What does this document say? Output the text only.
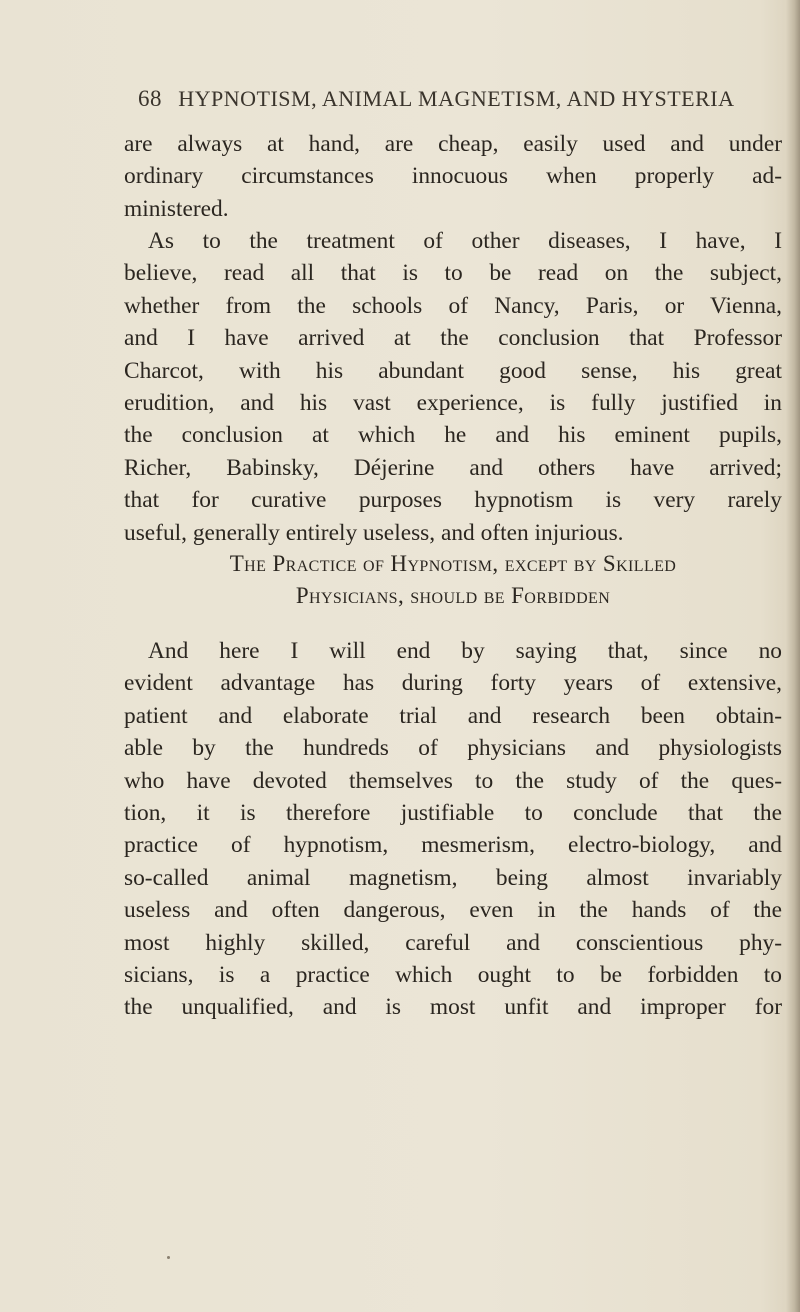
68 HYPNOTISM, ANIMAL MAGNETISM, AND HYSTERIA
are always at hand, are cheap, easily used and under
ordinary circumstances innocuous when properly ad-
ministered.
As to the treatment of other diseases, I have, I
believe, read all that is to be read on the subject,
whether from the schools of Nancy, Paris, or Vienna,
and I have arrived at the conclusion that Professor
Charcot, with his abundant good sense, his great
erudition, and his vast experience, is fully justified in
the conclusion at which he and his eminent pupils,
Richer, Babinsky, Déjerine and others have arrived;
that for curative purposes hypnotism is very rarely
useful, generally entirely useless, and often injurious.
The Practice of Hypnotism, except by Skilled
Physicians, should be Forbidden
And here I will end by saying that, since no
evident advantage has during forty years of extensive,
patient and elaborate trial and research been obtain-
able by the hundreds of physicians and physiologists
who have devoted themselves to the study of the ques-
tion, it is therefore justifiable to conclude that the
practice of hypnotism, mesmerism, electro-biology, and
so-called animal magnetism, being almost invariably
useless and often dangerous, even in the hands of the
most highly skilled, careful and conscientious phy-
sicians, is a practice which ought to be forbidden to
the unqualified, and is most unfit and improper for
